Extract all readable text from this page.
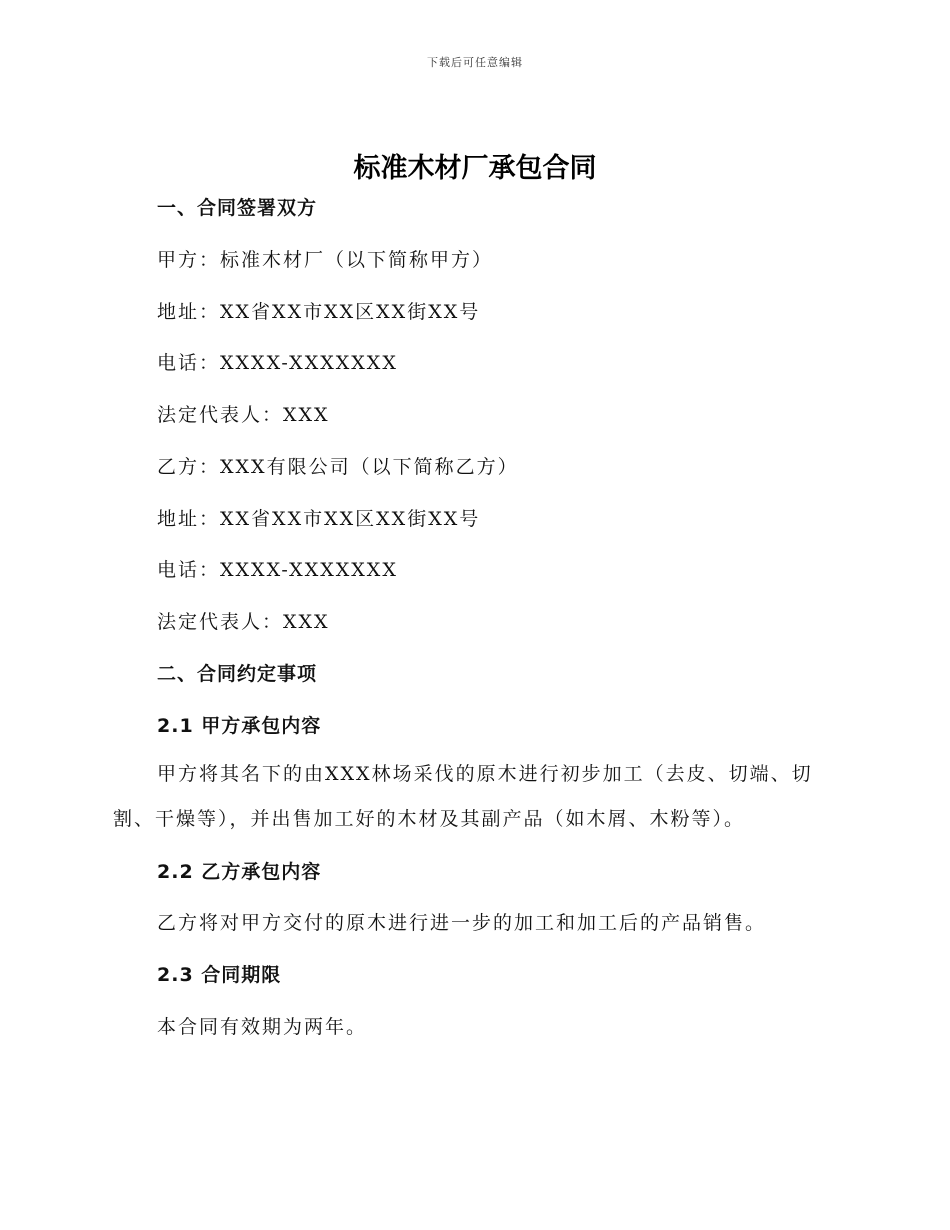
下载后可任意编辑
标准木材厂承包合同
一、合同签署双方
甲方：标准木材厂（以下简称甲方）
地址：XX省XX市XX区XX街XX号
电话：XXXX-XXXXXXX
法定代表人：XXX
乙方：XXX有限公司（以下简称乙方）
地址：XX省XX市XX区XX街XX号
电话：XXXX-XXXXXXX
法定代表人：XXX
二、合同约定事项
2.1 甲方承包内容
甲方将其名下的由XXX林场采伐的原木进行初步加工（去皮、切端、切割、干燥等），并出售加工好的木材及其副产品（如木屑、木粉等）。
2.2 乙方承包内容
乙方将对甲方交付的原木进行进一步的加工和加工后的产品销售。
2.3 合同期限
本合同有效期为两年。
